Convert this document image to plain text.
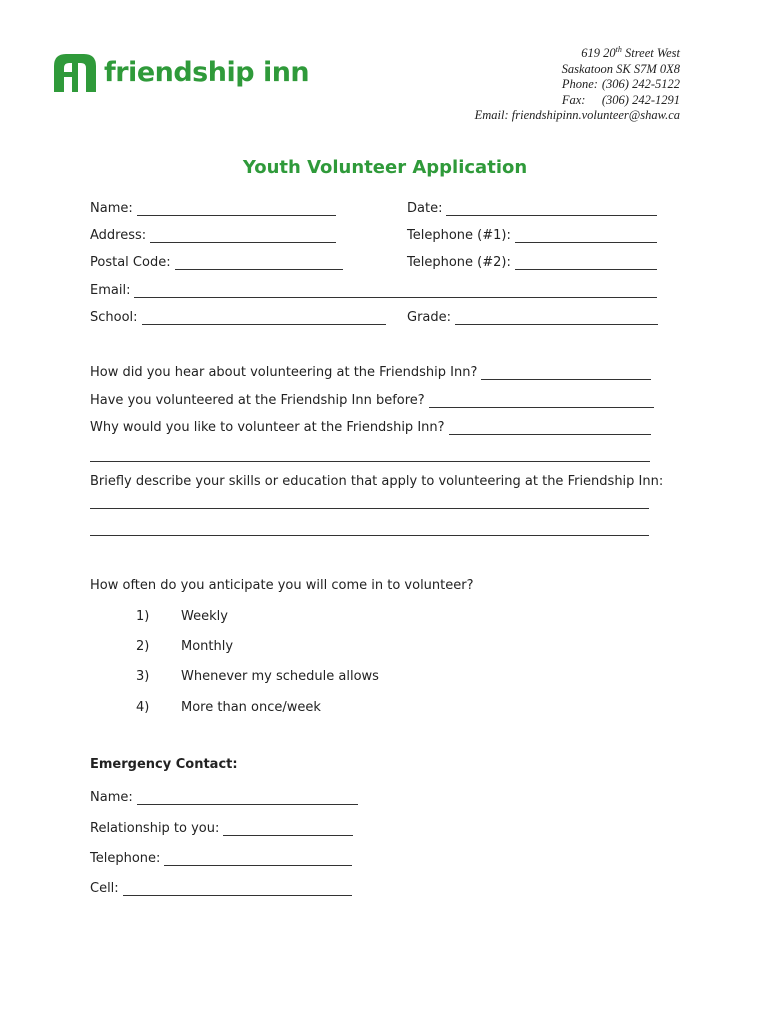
friendship inn
619 20th Street West
Saskatoon SK S7M 0X8
Phone: (306) 242-5122
Fax: (306) 242-1291
Email: friendshipinn.volunteer@shaw.ca
Youth Volunteer Application
Name:	Date:
Address:	Telephone (#1):
Postal Code:	Telephone (#2):
Email:
School:	Grade:
How did you hear about volunteering at the Friendship Inn?
Have you volunteered at the Friendship Inn before?
Why would you like to volunteer at the Friendship Inn?
Briefly describe your skills or education that apply to volunteering at the Friendship Inn:
How often do you anticipate you will come in to volunteer?
1)	Weekly
2)	Monthly
3)	Whenever my schedule allows
4)	More than once/week
Emergency Contact:
Name:
Relationship to you:
Telephone:
Cell:
